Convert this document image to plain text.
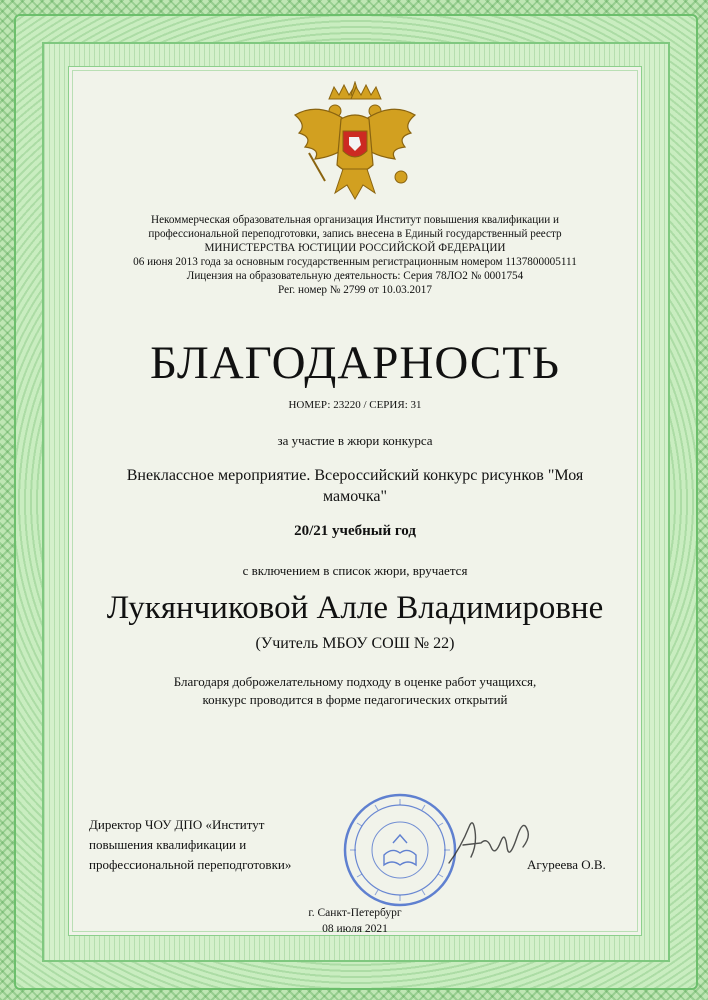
Некоммерческая образовательная организация Институт повышения квалификации и
профессиональной переподготовки, запись внесена в Единый государственный реестр
МИНИСТЕРСТВА ЮСТИЦИИ РОССИЙСКОЙ ФЕДЕРАЦИИ
06 июня 2013 года за основным государственным регистрационным номером 1137800005111
Лицензия на образовательную деятельность: Серия 78ЛО2 № 0001754
Рег. номер № 2799 от 10.03.2017
БЛАГОДАРНОСТЬ
НОМЕР: 23220 / СЕРИЯ: 31
за участие в жюри конкурса
Внеклассное мероприятие. Всероссийский конкурс рисунков "Моя
мамочка"
20/21 учебный год
с включением в список жюри, вручается
Лукянчиковой Алле Владимировне
(Учитель МБОУ СОШ № 22)
Благодаря доброжелательному подходу в оценке работ учащихся,
конкурс проводится в форме педагогических открытий
Директор ЧОУ ДПО «Институт
повышения квалификации и
профессиональной переподготовки»	Агуреева О.В.
г. Санкт-Петербург
08 июля 2021
